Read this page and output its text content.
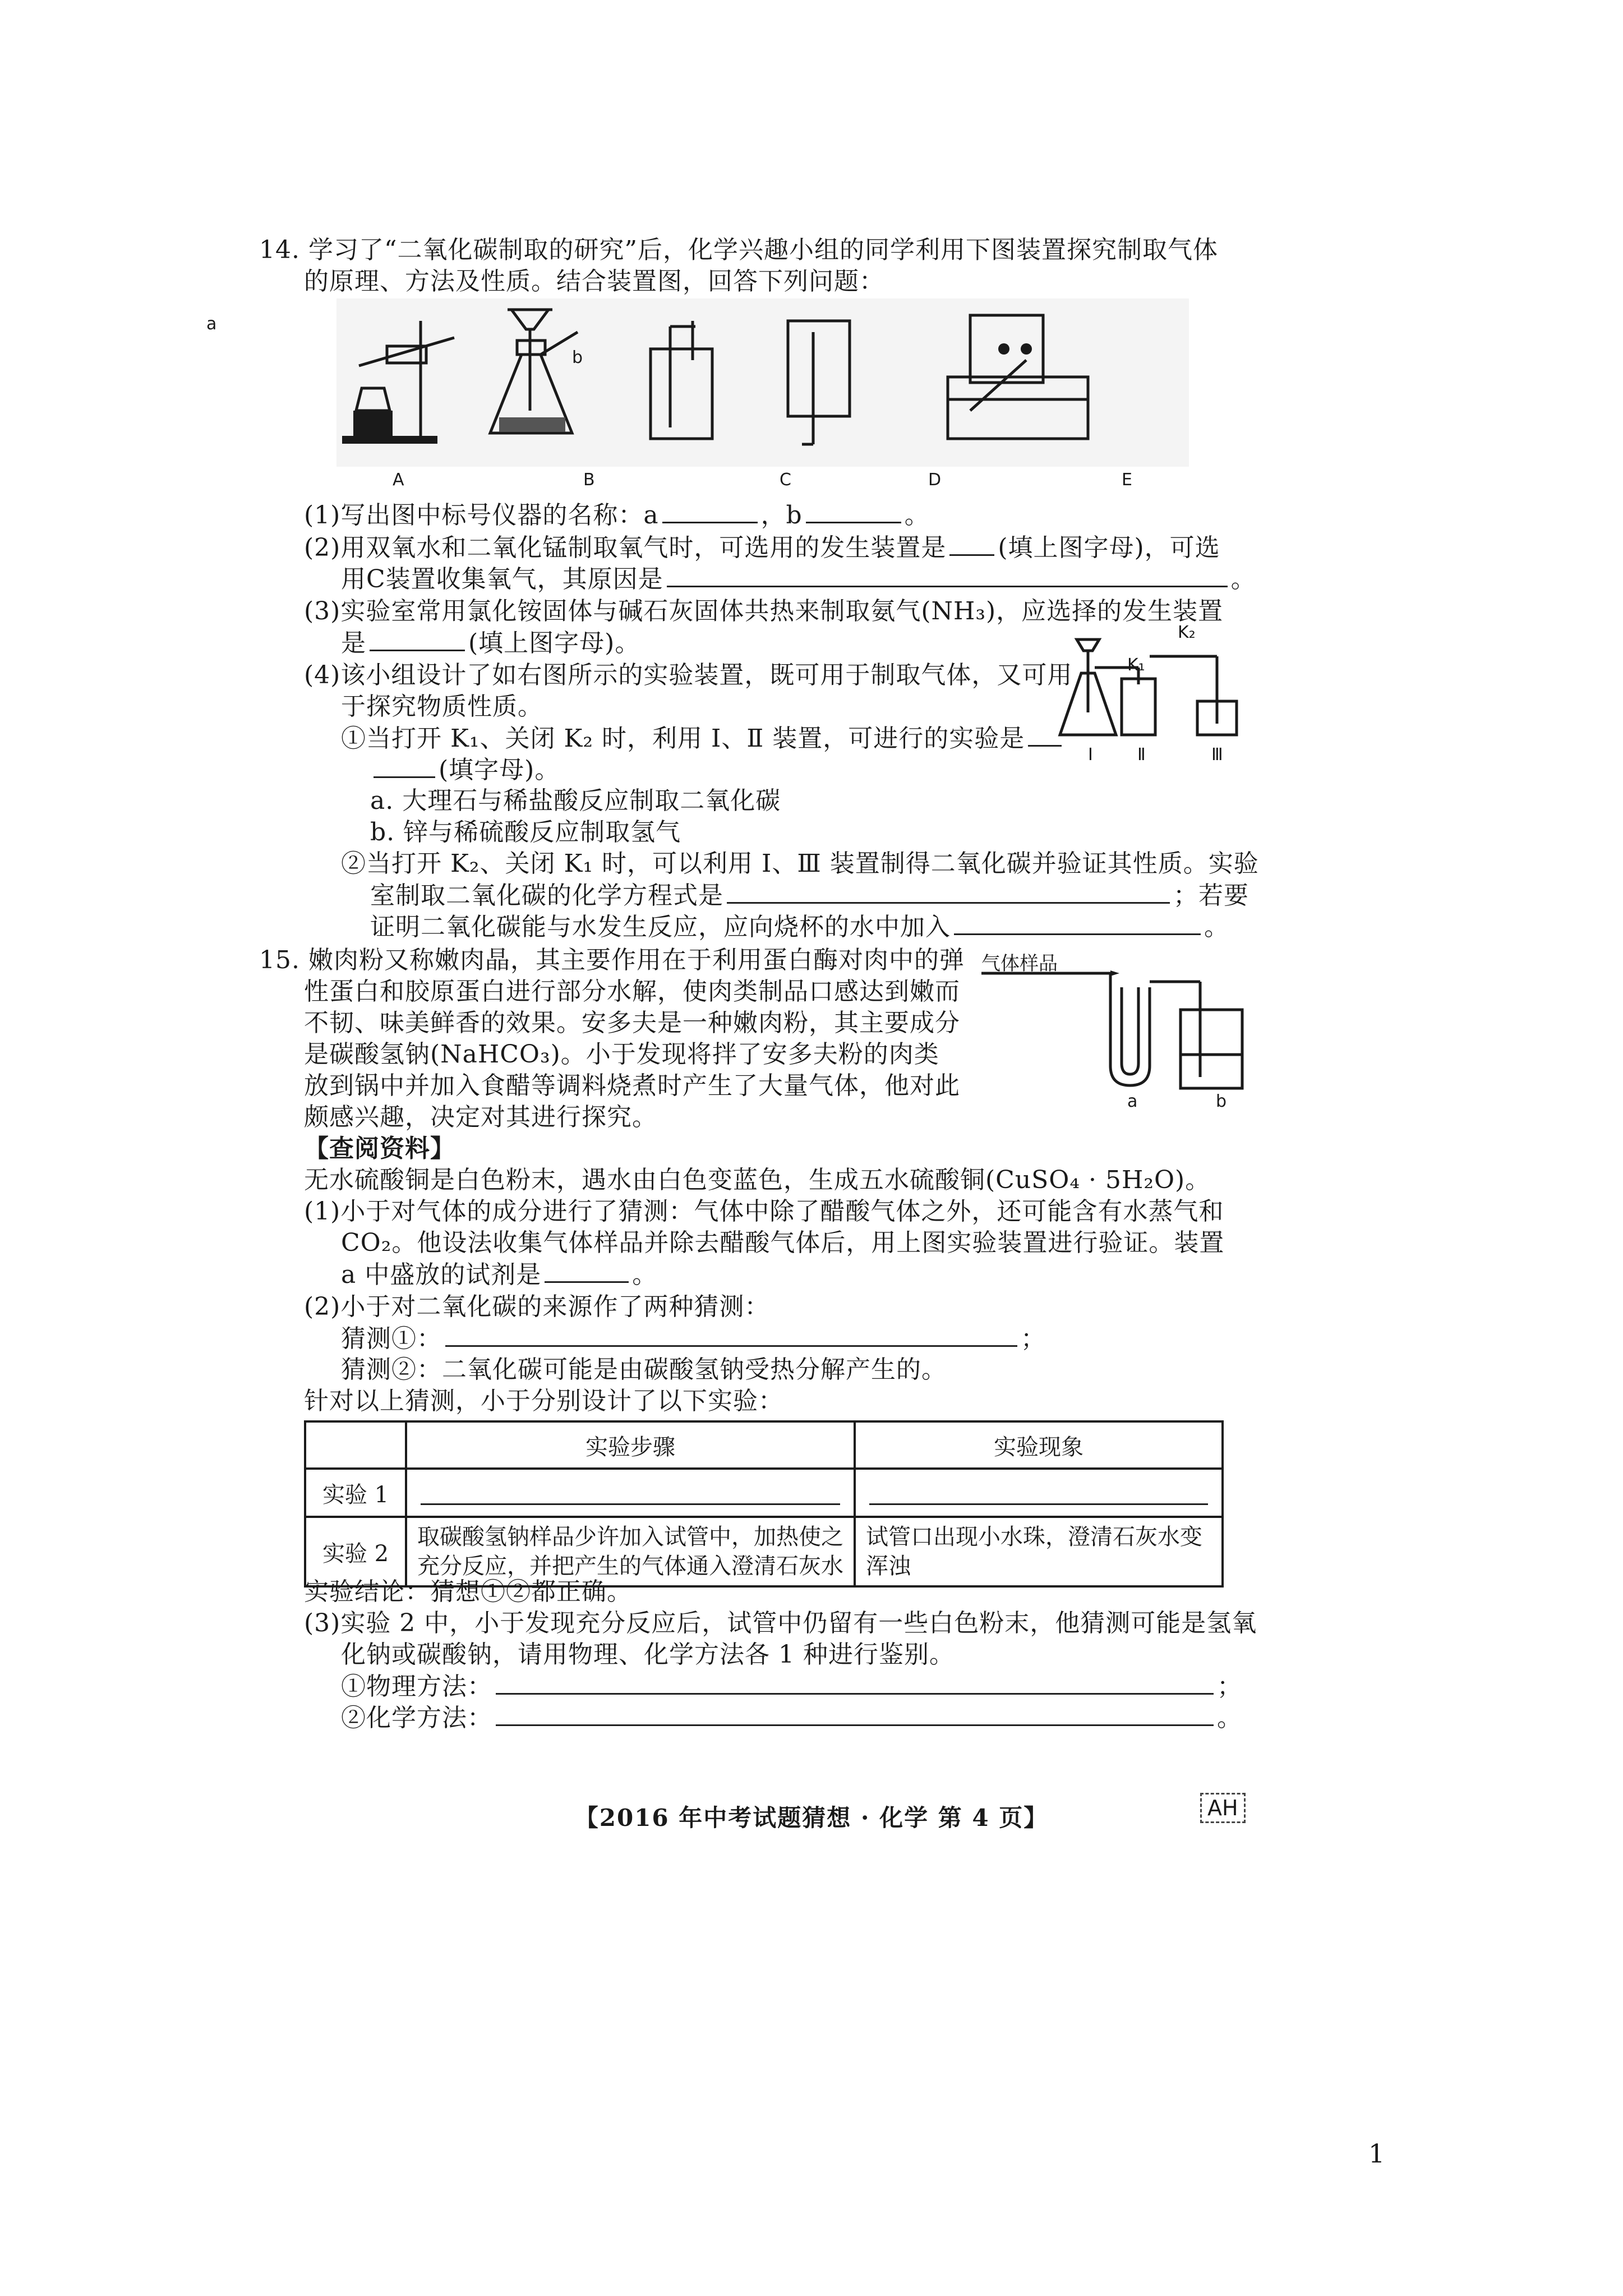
14. 学习了“二氧化碳制取的研究”后，化学兴趣小组的同学利用下图装置探究制取气体
的原理、方法及性质。结合装置图，回答下列问题：
a
b
A	B	C	D	E
(1)写出图中标号仪器的名称：a	，b	。
(2)用双氧水和二氧化锰制取氧气时，可选用的发生装置是 (填上图字母)，可选
用C装置收集氧气，其原因是	。
(3)实验室常用氯化铵固体与碱石灰固体共热来制取氨气(NH₃)，应选择的发生装置
是	(填上图字母)。
(4)该小组设计了如右图所示的实验装置，既可用于制取气体，又可用
于探究物质性质。
K₂
K₁
Ⅰ	Ⅱ	Ⅲ
①当打开 K₁、关闭 K₂ 时，利用 Ⅰ、Ⅱ 装置，可进行的实验是
(填字母)。
a. 大理石与稀盐酸反应制取二氧化碳
b. 锌与稀硫酸反应制取氢气
②当打开 K₂、关闭 K₁ 时，可以利用 Ⅰ、Ⅲ 装置制得二氧化碳并验证其性质。实验
室制取二氧化碳的化学方程式是	；若要
证明二氧化碳能与水发生反应，应向烧杯的水中加入	。
15. 嫩肉粉又称嫩肉晶，其主要作用在于利用蛋白酶对肉中的弹
性蛋白和胶原蛋白进行部分水解，使肉类制品口感达到嫩而
不韧、味美鲜香的效果。安多夫是一种嫩肉粉，其主要成分
是碳酸氢钠(NaHCO₃)。小于发现将拌了安多夫粉的肉类
放到锅中并加入食醋等调料烧煮时产生了大量气体，他对此
颇感兴趣，决定对其进行探究。
气体样品
a	b
【查阅资料】
无水硫酸铜是白色粉末，遇水由白色变蓝色，生成五水硫酸铜(CuSO₄ · 5H₂O)。
(1)小于对气体的成分进行了猜测：气体中除了醋酸气体之外，还可能含有水蒸气和
CO₂。他设法收集气体样品并除去醋酸气体后，用上图实验装置进行验证。装置
a 中盛放的试剂是	。
(2)小于对二氧化碳的来源作了两种猜测：
猜测①：	；
猜测②：二氧化碳可能是由碳酸氢钠受热分解产生的。
针对以上猜测，小于分别设计了以下实验：
	实验步骤	实验现象
实验 1	

实验 2	取碳酸氢钠样品少许加入试管中，加热使之充分反应，并把产生的气体通入澄清石灰水	试管口出现小水珠，澄清石灰水变浑浊
实验结论：猜想①②都正确。
(3)实验 2 中，小于发现充分反应后，试管中仍留有一些白色粉末，他猜测可能是氢氧
化钠或碳酸钠，请用物理、化学方法各 1 种进行鉴别。
①物理方法：	；
②化学方法：	。
【2016 年中考试题猜想 · 化学 第 4 页】	AH
1
